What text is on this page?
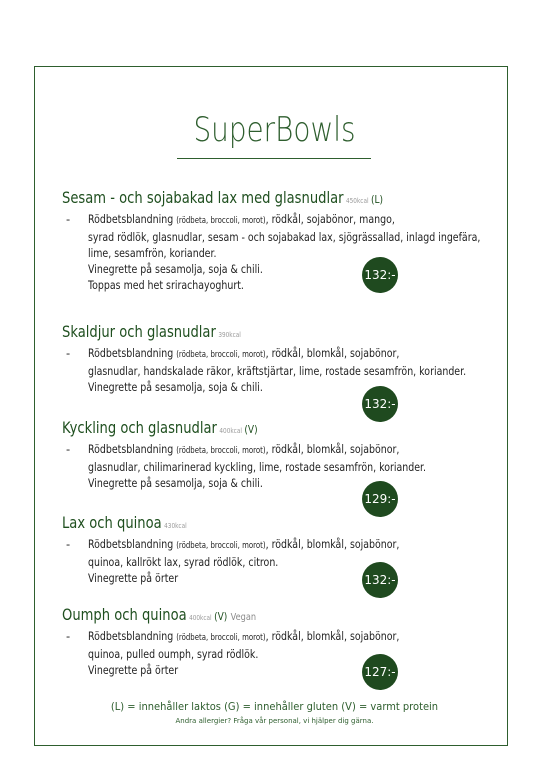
SuperBowls
Sesam - och sojabakad lax med glasnudlar 450kcal (L)
- Rödbetsblandning (rödbeta, broccoli, morot), rödkål, sojabönor, mango,
syrad rödlök, glasnudlar, sesam - och sojabakad lax, sjögrässallad, inlagd ingefära,
lime, sesamfrön, koriander.
Vinegrette på sesamolja, soja & chili.
Toppas med het srirachayoghurt.
132:-
Skaldjur och glasnudlar 390kcal
- Rödbetsblandning (rödbeta, broccoli, morot), rödkål, blomkål, sojabönor,
glasnudlar, handskalade räkor, kräftstjärtar, lime, rostade sesamfrön, koriander.
Vinegrette på sesamolja, soja & chili.
132:-
Kyckling och glasnudlar 400kcal (V)
- Rödbetsblandning (rödbeta, broccoli, morot), rödkål, blomkål, sojabönor,
glasnudlar, chilimarinerad kyckling, lime, rostade sesamfrön, koriander.
Vinegrette på sesamolja, soja & chili.
129:-
Lax och quinoa 430kcal
- Rödbetsblandning (rödbeta, broccoli, morot), rödkål, blomkål, sojabönor,
quinoa, kallrökt lax, syrad rödlök, citron.
Vinegrette på örter	132:-
Oumph och quinoa 400kcal (V) Vegan
- Rödbetsblandning (rödbeta, broccoli, morot), rödkål, blomkål, sojabönor,
quinoa, pulled oumph, syrad rödlök.
Vinegrette på örter	127:-
(L) = innehåller laktos (G) = innehåller gluten (V) = varmt protein
Andra allergier? Fråga vår personal, vi hjälper dig gärna.
